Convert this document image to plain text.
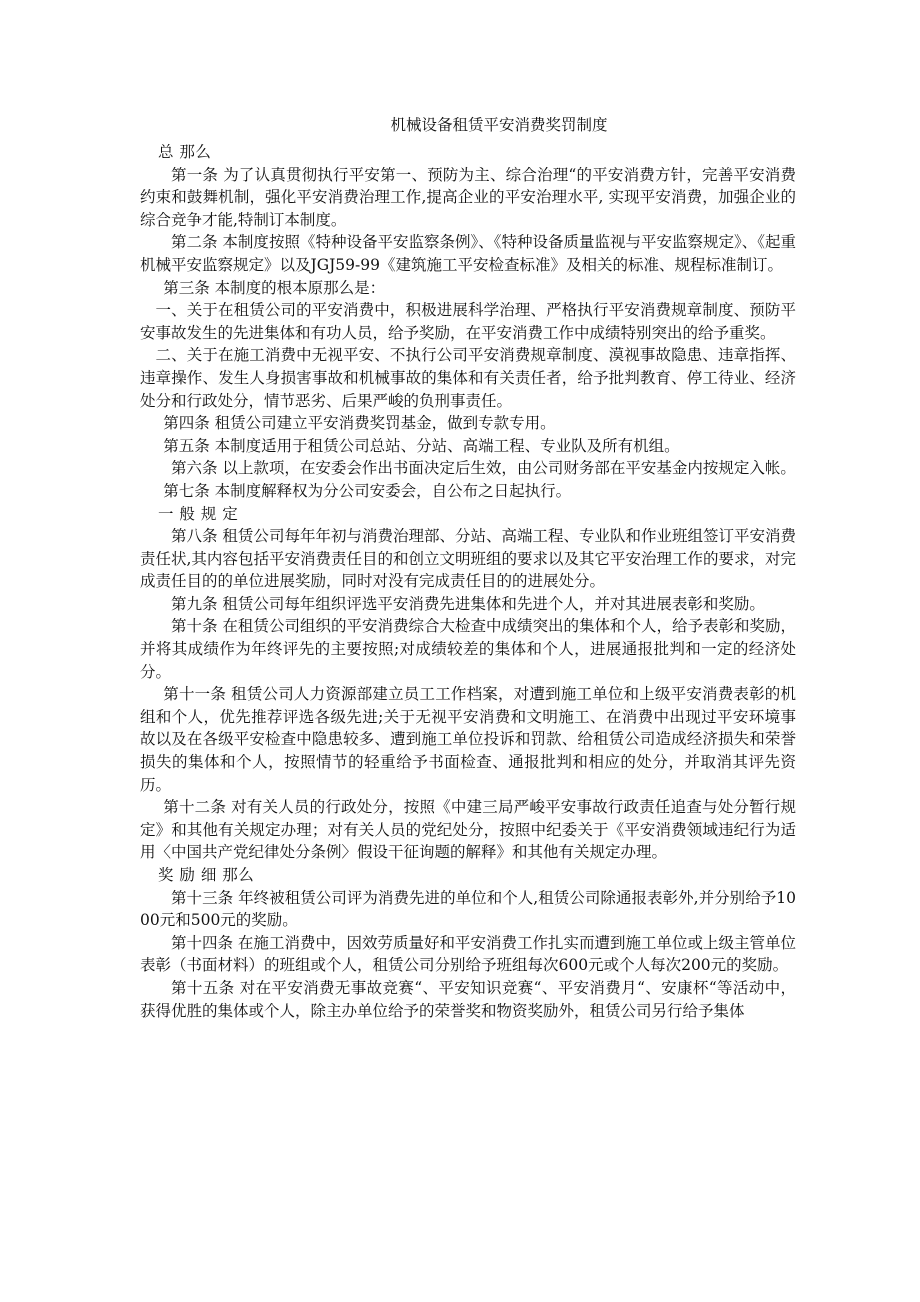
机械设备租赁平安消费奖罚制度

总 那么

第一条 为了认真贯彻执行平安第一、预防为主、综合治理“的平安消费方针，完善平安消费约束和鼓舞机制，强化平安消费治理工作,提高企业的平安治理水平, 实现平安消费，加强企业的综合竞争才能,特制订本制度。

第二条 本制度按照《特种设备平安监察条例》、《特种设备质量监视与平安监察规定》、《起重机械平安监察规定》以及JGJ59-99《建筑施工平安检查标准》及相关的标准、规程标准制订。

第三条 本制度的根本原那么是：

一、关于在租赁公司的平安消费中，积极进展科学治理、严格执行平安消费规章制度、预防平安事故发生的先进集体和有功人员，给予奖励，在平安消费工作中成绩特别突出的给予重奖。

二、关于在施工消费中无视平安、不执行公司平安消费规章制度、漠视事故隐患、违章指挥、违章操作、发生人身损害事故和机械事故的集体和有关责任者，给予批判教育、停工待业、经济处分和行政处分，情节恶劣、后果严峻的负刑事责任。

第四条 租赁公司建立平安消费奖罚基金，做到专款专用。

第五条 本制度适用于租赁公司总站、分站、高端工程、专业队及所有机组。

第六条 以上款项，在安委会作出书面决定后生效，由公司财务部在平安基金内按规定入帐。

第七条 本制度解释权为分公司安委会，自公布之日起执行。

一 般 规 定

第八条 租赁公司每年年初与消费治理部、分站、高端工程、专业队和作业班组签订平安消费责任状,其内容包括平安消费责任目的和创立文明班组的要求以及其它平安治理工作的要求，对完成责任目的的单位进展奖励，同时对没有完成责任目的的进展处分。

第九条 租赁公司每年组织评选平安消费先进集体和先进个人，并对其进展表彰和奖励。

第十条 在租赁公司组织的平安消费综合大检查中成绩突出的集体和个人，给予表彰和奖励，并将其成绩作为年终评先的主要按照;对成绩较差的集体和个人，进展通报批判和一定的经济处分。

第十一条 租赁公司人力资源部建立员工工作档案，对遭到施工单位和上级平安消费表彰的机组和个人，优先推荐评选各级先进;关于无视平安消费和文明施工、在消费中出现过平安环境事故以及在各级平安检查中隐患较多、遭到施工单位投诉和罚款、给租赁公司造成经济损失和荣誉损失的集体和个人，按照情节的轻重给予书面检查、通报批判和相应的处分，并取消其评先资历。

第十二条 对有关人员的行政处分，按照《中建三局严峻平安事故行政责任追查与处分暂行规定》和其他有关规定办理；对有关人员的党纪处分，按照中纪委关于《平安消费领域违纪行为适用〈中国共产党纪律处分条例〉假设干征询题的解释》和其他有关规定办理。

奖 励 细 那么

第十三条 年终被租赁公司评为消费先进的单位和个人,租赁公司除通报表彰外,并分别给予1000元和500元的奖励。

第十四条 在施工消费中，因效劳质量好和平安消费工作扎实而遭到施工单位或上级主管单位表彰（书面材料）的班组或个人，租赁公司分别给予班组每次600元或个人每次200元的奖励。

第十五条 对在平安消费无事故竞赛“、平安知识竞赛“、平安消费月“、安康杯“等活动中，获得优胜的集体或个人，除主办单位给予的荣誉奖和物资奖励外，租赁公司另行给予集体
